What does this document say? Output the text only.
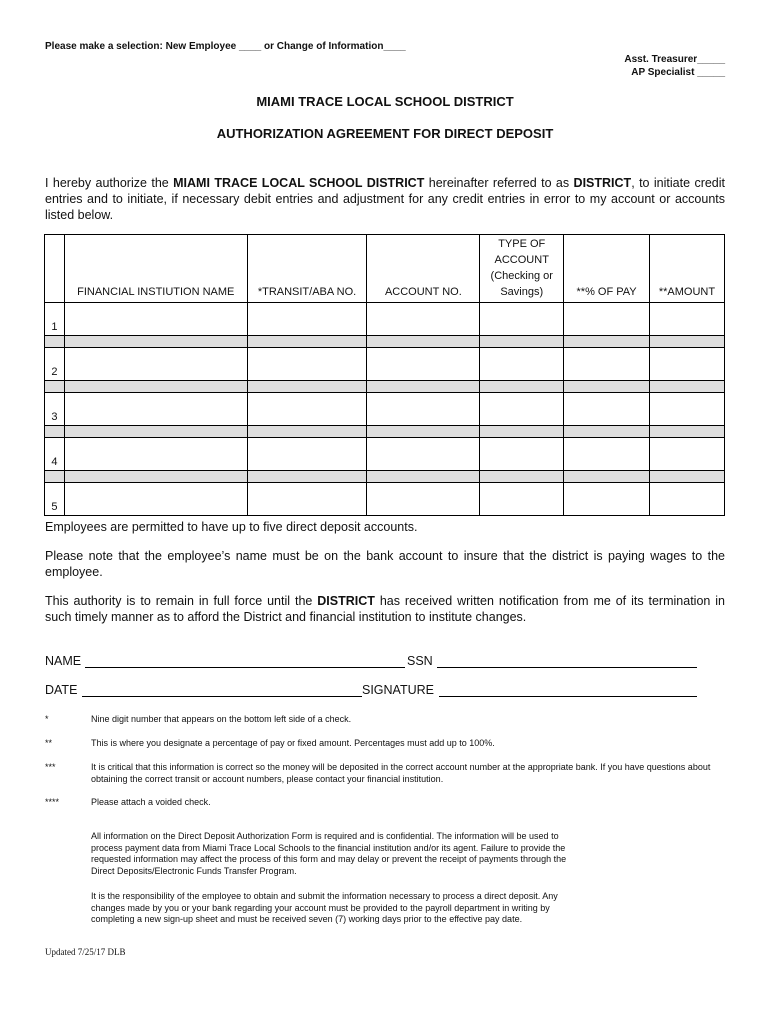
Please make a selection: New Employee ____ or Change of Information____
Asst. Treasurer_____
AP Specialist _____
MIAMI TRACE LOCAL SCHOOL DISTRICT
AUTHORIZATION AGREEMENT FOR DIRECT DEPOSIT
I hereby authorize the MIAMI TRACE LOCAL SCHOOL DISTRICT hereinafter referred to as DISTRICT, to initiate credit entries and to initiate, if necessary debit entries and adjustment for any credit entries in error to my account or accounts listed below.
	FINANCIAL INSTIUTION NAME	*TRANSIT/ABA NO.	ACCOUNT NO.	TYPE OF
ACCOUNT
(Checking or
Savings)	**% OF PAY	**AMOUNT
1						

2						

3						

4						

5						
Employees are permitted to have up to five direct deposit accounts.
Please note that the employee’s name must be on the bank account to insure that the district is paying wages to the employee.
This authority is to remain in full force until the DISTRICT has received written notification from me of its termination in such timely manner as to afford the District and financial institution to institute changes.
NAME	SSN
DATE	SIGNATURE
*	Nine digit number that appears on the bottom left side of a check.
**	This is where you designate a percentage of pay or fixed amount. Percentages must add up to 100%.
***	It is critical that this information is correct so the money will be deposited in the correct account number at the appropriate bank. If you have questions about obtaining the correct transit or account numbers, please contact your financial institution.
****	Please attach a voided check.
All information on the Direct Deposit Authorization Form is required and is confidential. The information will be used to process payment data from Miami Trace Local Schools to the financial institution and/or its agent. Failure to provide the requested information may affect the process of this form and may delay or prevent the receipt of payments through the Direct Deposits/Electronic Funds Transfer Program.
It is the responsibility of the employee to obtain and submit the information necessary to process a direct deposit. Any changes made by you or your bank regarding your account must be provided to the payroll department in writing by completing a new sign-up sheet and must be received seven (7) working days prior to the effective pay date.
Updated 7/25/17 DLB
